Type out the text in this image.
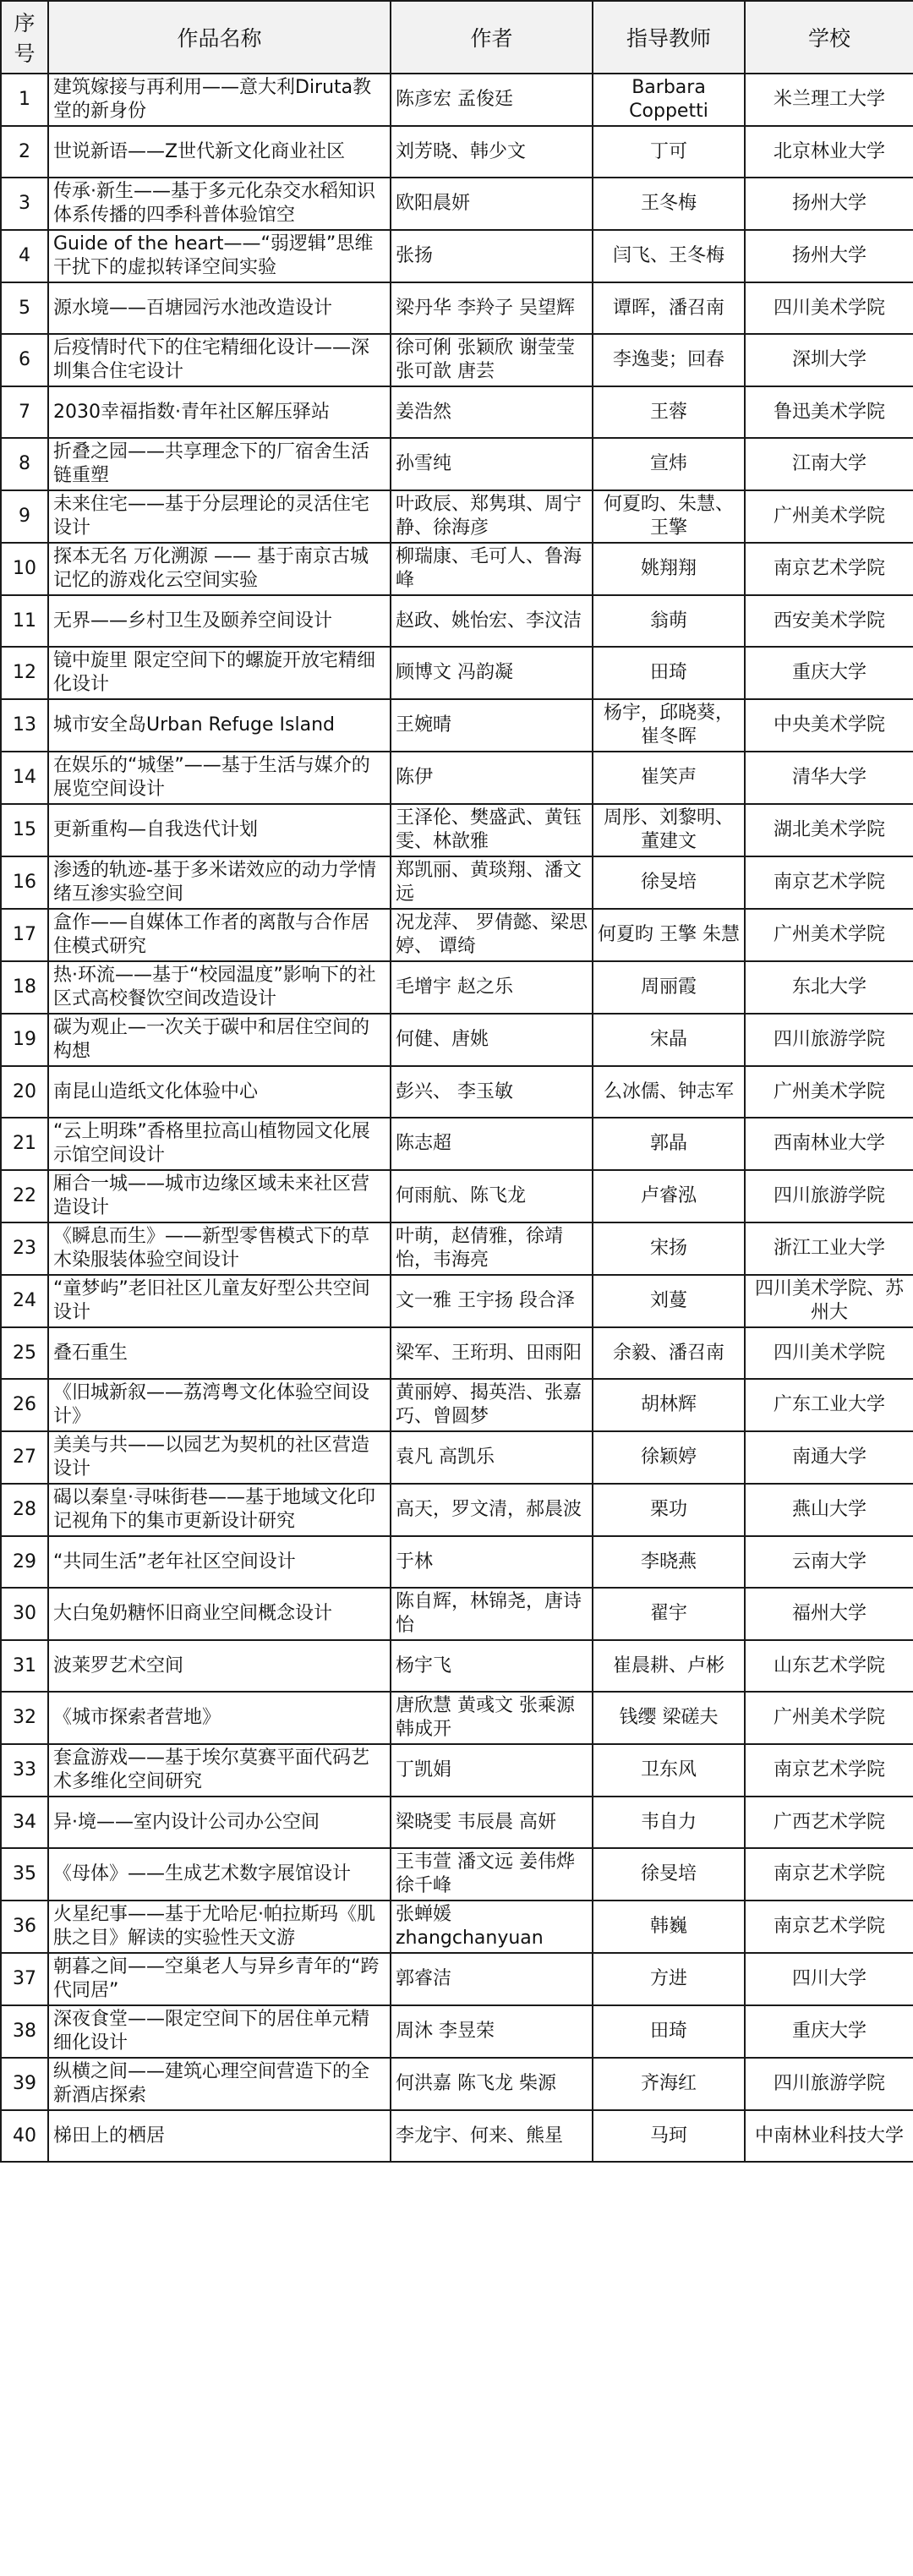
序号	作品名称	作者	指导教师	学校
1	建筑嫁接与再利用——意大利Diruta教堂的新身份	陈彦宏 孟俊廷	Barbara Coppetti	米兰理工大学
2	世说新语——Z世代新文化商业社区	刘芳晓、韩少文	丁可	北京林业大学
3	传承·新生——基于多元化杂交水稻知识体系传播的四季科普体验馆空	欧阳晨妍	王冬梅	扬州大学
4	Guide of the heart——“弱逻辑”思维干扰下的虚拟转译空间实验	张扬	闫飞、王冬梅	扬州大学
5	源水境——百塘园污水池改造设计	梁丹华 李羚子 吴望辉	谭晖，潘召南	四川美术学院
6	后疫情时代下的住宅精细化设计——深圳集合住宅设计	徐可俐 张颖欣 谢莹莹 张可歆 唐芸	李逸斐；回春	深圳大学
7	2030幸福指数·青年社区解压驿站	姜浩然	王蓉	鲁迅美术学院
8	折叠之园——共享理念下的厂宿舍生活链重塑	孙雪纯	宣炜	江南大学
9	未来住宅——基于分层理论的灵活住宅设计	叶政辰、郑隽琪、周宁静、徐海彦	何夏昀、朱慧、王擎	广州美术学院
10	探本无名 万化溯源 —— 基于南京古城记忆的游戏化云空间实验	柳瑞康、毛可人、鲁海峰	姚翔翔	南京艺术学院
11	无界——乡村卫生及颐养空间设计	赵政、姚怡宏、李汶洁	翁萌	西安美术学院
12	镜中旋里 限定空间下的螺旋开放宅精细化设计	顾博文 冯韵凝	田琦	重庆大学
13	城市安全岛Urban Refuge Island	王婉晴	杨宇，邱晓葵，崔冬晖	中央美术学院
14	在娱乐的“城堡”——基于生活与媒介的展览空间设计	陈伊	崔笑声	清华大学
15	更新重构—自我迭代计划	王泽伦、樊盛武、黄钰雯、林歆雅	周彤、刘黎明、董建文	湖北美术学院
16	渗透的轨迹-基于多米诺效应的动力学情绪互渗实验空间	郑凯丽、黄琰翔、潘文远	徐旻培	南京艺术学院
17	盒作——自媒体工作者的离散与合作居住模式研究	况龙萍、 罗倩懿、梁思婷、 谭绮	何夏昀 王擎 朱慧	广州美术学院
18	热·环流——基于“校园温度”影响下的社区式高校餐饮空间改造设计	毛增宇 赵之乐	周丽霞	东北大学
19	碳为观止—一次关于碳中和居住空间的构想	何健、唐姚	宋晶	四川旅游学院
20	南昆山造纸文化体验中心	彭兴、 李玉敏	么冰儒、钟志军	广州美术学院
21	“云上明珠”香格里拉高山植物园文化展示馆空间设计	陈志超	郭晶	西南林业大学
22	厢合一城——城市边缘区域未来社区营造设计	何雨航、陈飞龙	卢睿泓	四川旅游学院
23	《瞬息而生》——新型零售模式下的草木染服装体验空间设计	叶萌，赵倩雅，徐靖怡，韦海亮	宋扬	浙江工业大学
24	“童梦屿”老旧社区儿童友好型公共空间设计	文一雅 王宇扬 段合泽	刘蔓	四川美术学院、苏州大
25	叠石重生	梁军、王珩玥、田雨阳	余毅、潘召南	四川美术学院
26	《旧城新叙——荔湾粤文化体验空间设计》	黄丽婷、揭英浩、张嘉巧、曾圆梦	胡林辉	广东工业大学
27	美美与共——以园艺为契机的社区营造设计	袁凡 高凯乐	徐颖婷	南通大学
28	碣以秦皇·寻味街巷——基于地域文化印记视角下的集市更新设计研究	高天，罗文清，郝晨波	栗功	燕山大学
29	“共同生活”老年社区空间设计	于林	李晓燕	云南大学
30	大白兔奶糖怀旧商业空间概念设计	陈自辉，林锦尧，唐诗怡	翟宇	福州大学
31	波莱罗艺术空间	杨宇飞	崔晨耕、卢彬	山东艺术学院
32	《城市探索者营地》	唐欣慧 黄彧文 张乘源 韩成开	钱缨 梁磋夫	广州美术学院
33	套盒游戏——基于埃尔莫赛平面代码艺术多维化空间研究	丁凯娟	卫东风	南京艺术学院
34	异·境——室内设计公司办公空间	梁晓雯 韦辰晨 高妍	韦自力	广西艺术学院
35	《母体》——生成艺术数字展馆设计	王韦萱 潘文远 姜伟烨 徐千峰	徐旻培	南京艺术学院
36	火星纪事——基于尤哈尼·帕拉斯玛《肌肤之目》解读的实验性天文游	张蝉媛 zhangchanyuan	韩巍	南京艺术学院
37	朝暮之间——空巢老人与异乡青年的“跨代同居”	郭睿洁	方进	四川大学
38	深夜食堂——限定空间下的居住单元精细化设计	周沐 李昱荣	田琦	重庆大学
39	纵横之间——建筑心理空间营造下的全新酒店探索	何洪嘉 陈飞龙 柴源	齐海红	四川旅游学院
40	梯田上的栖居	李龙宇、何来、熊星	马珂	中南林业科技大学
